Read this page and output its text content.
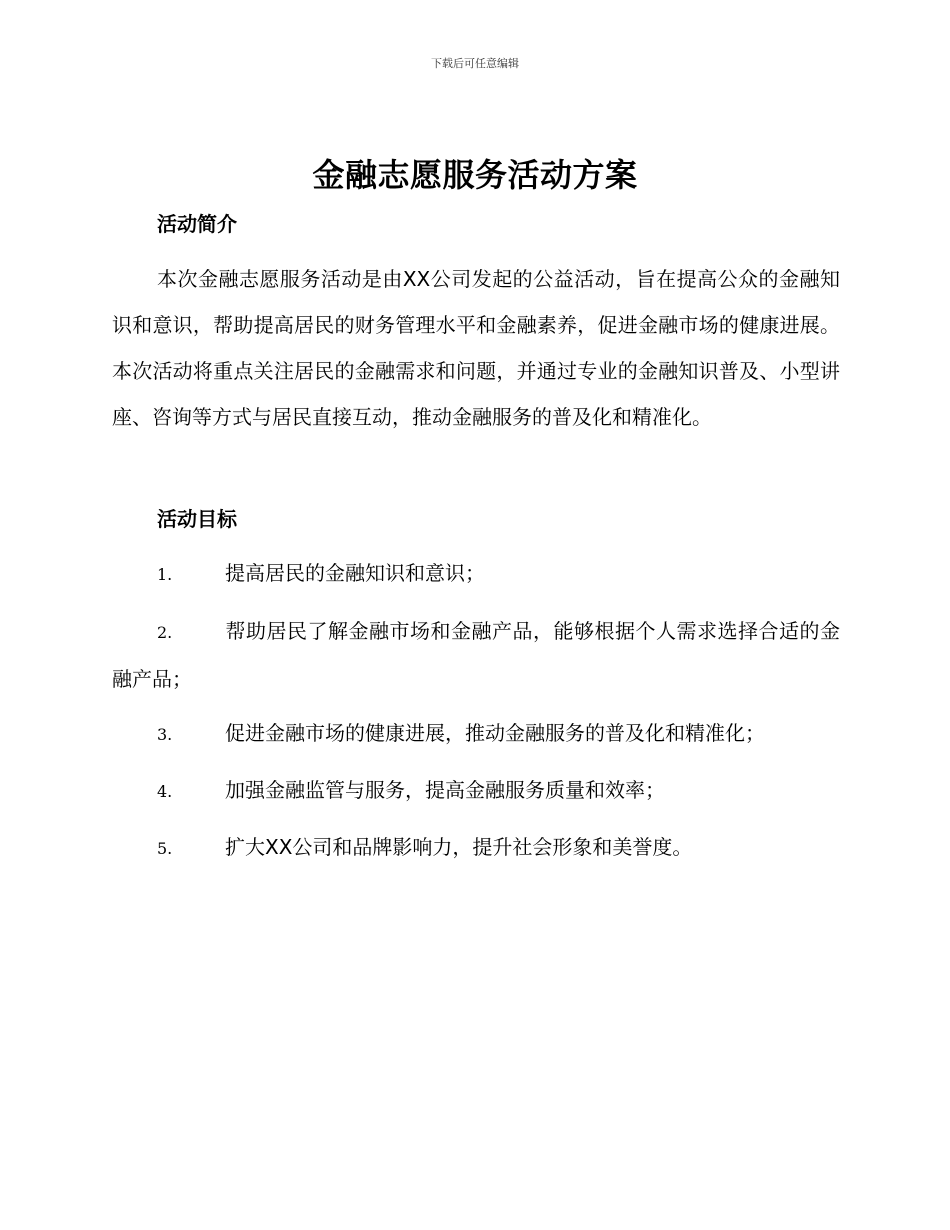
下载后可任意编辑
金融志愿服务活动方案
活动简介
本次金融志愿服务活动是由XX公司发起的公益活动，旨在提高公众的金融知识和意识，帮助提高居民的财务管理水平和金融素养，促进金融市场的健康进展。本次活动将重点关注居民的金融需求和问题，并通过专业的金融知识普及、小型讲座、咨询等方式与居民直接互动，推动金融服务的普及化和精准化。
活动目标
1.	提高居民的金融知识和意识；
2.	帮助居民了解金融市场和金融产品，能够根据个人需求选择合适的金融产品；
3.	促进金融市场的健康进展，推动金融服务的普及化和精准化；
4.	加强金融监管与服务，提高金融服务质量和效率；
5.	扩大XX公司和品牌影响力，提升社会形象和美誉度。
